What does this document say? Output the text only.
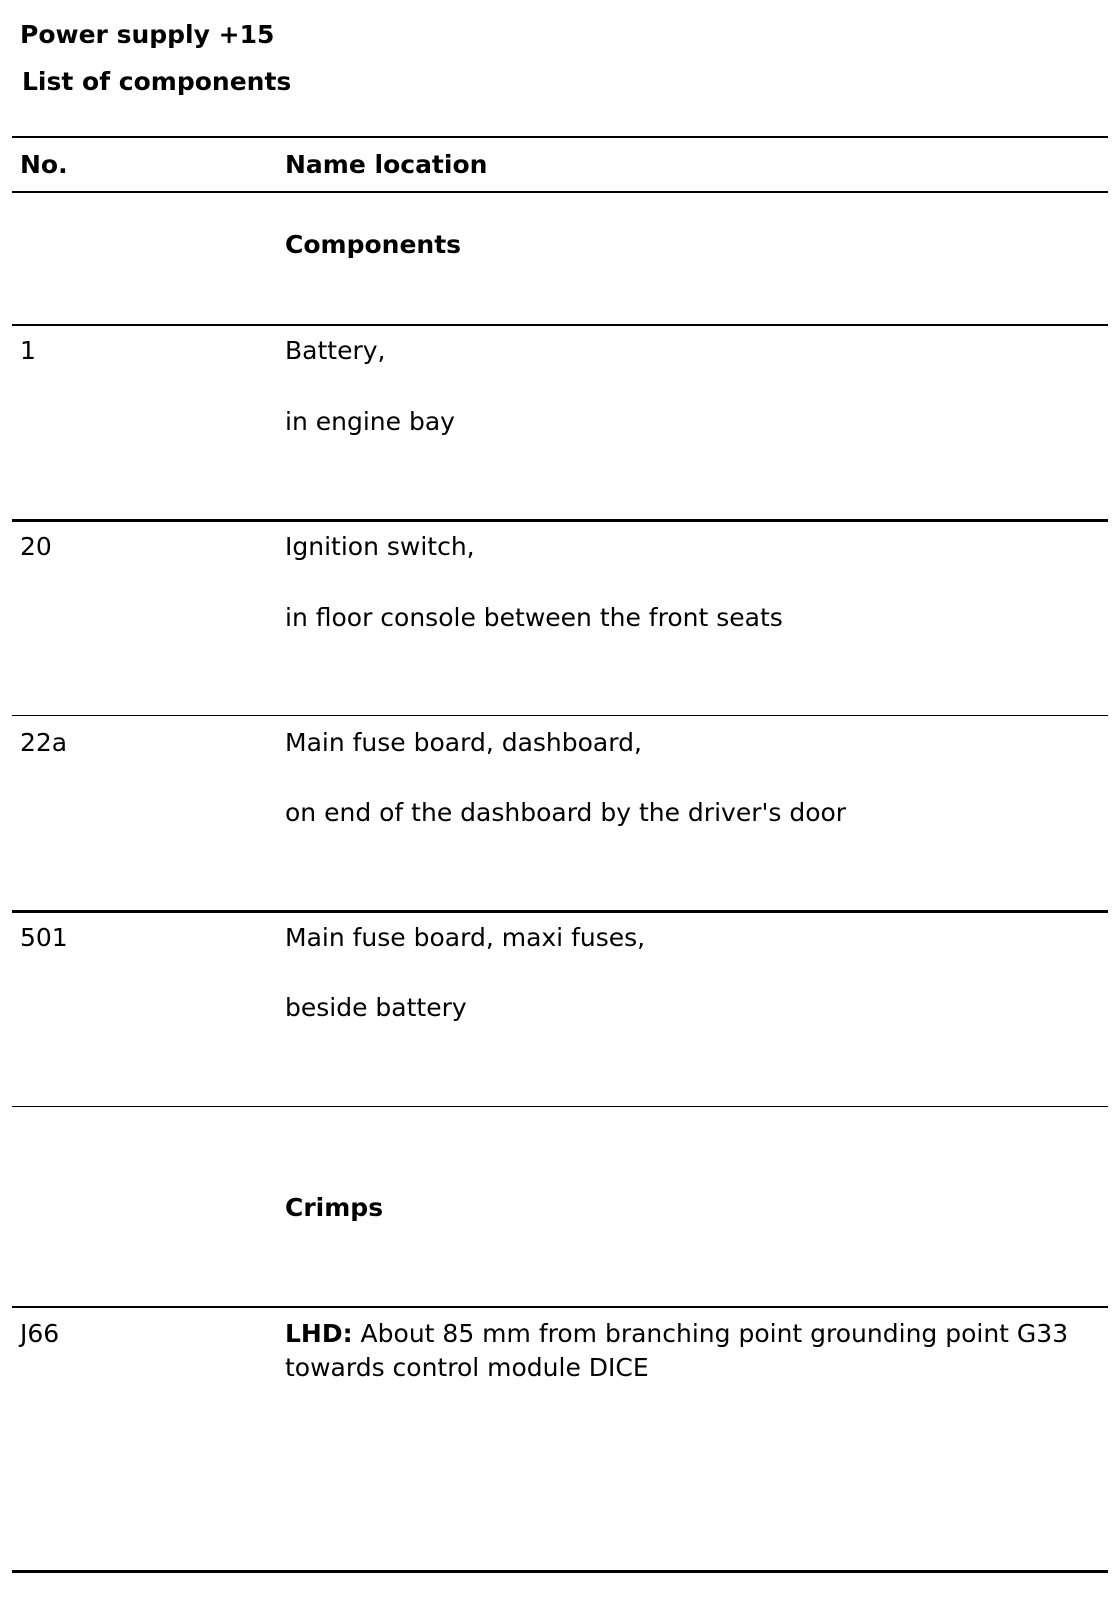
Power supply +15
List of components
No.	Name location
Components
1	Battery,
in engine bay
20	Ignition switch,
in floor console between the front seats
22a	Main fuse board, dashboard,
on end of the dashboard by the driver's door
501	Main fuse board, maxi fuses,
beside battery
Crimps
J66	LHD: About 85 mm from branching point grounding point G33 towards control module DICE
